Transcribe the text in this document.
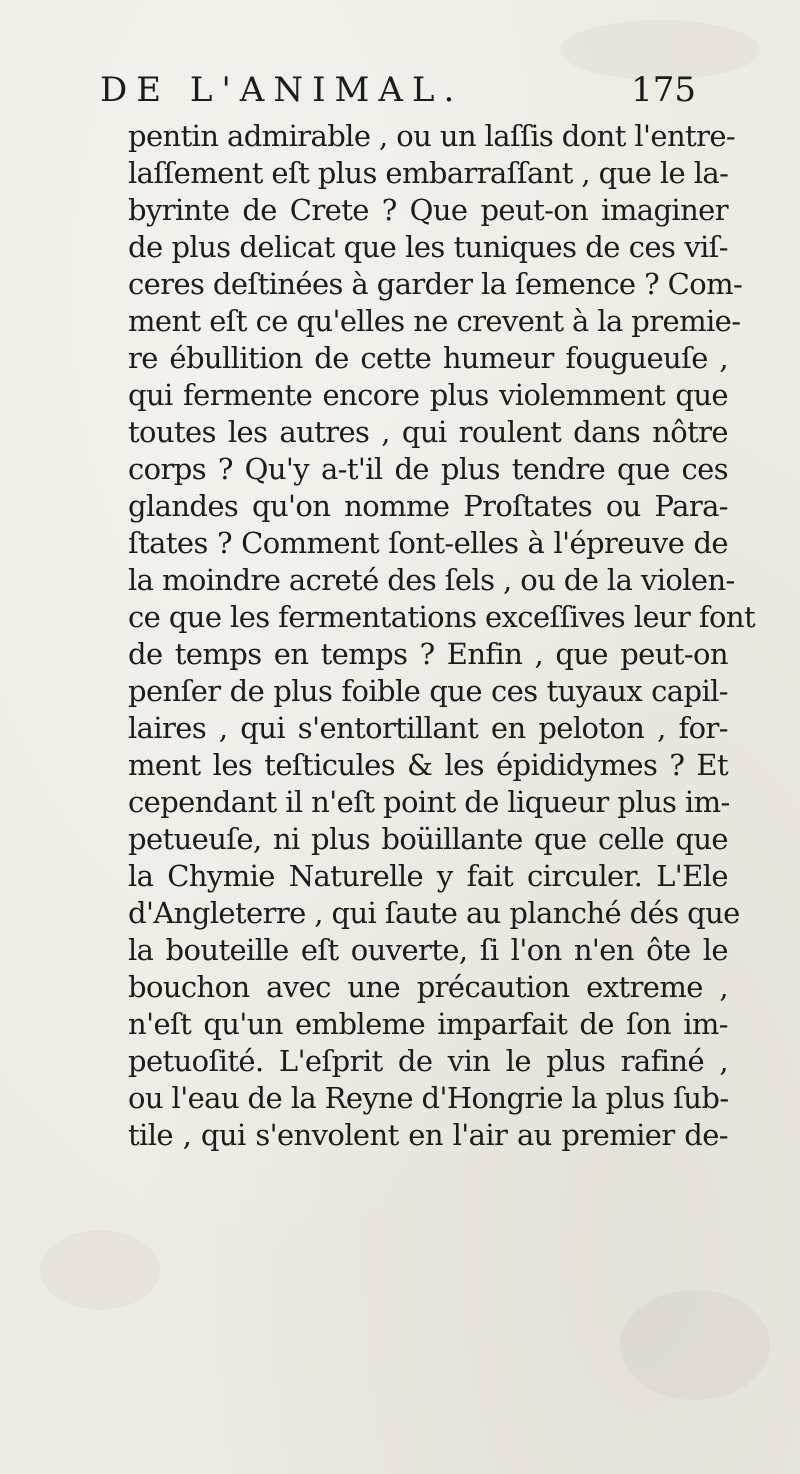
DE L'ANIMAL.	175
pentin admirable , ou un laſſis dont l'entre-
laſſement eſt plus embarraſſant , que le la-
byrinte de Crete ? Que peut-on imaginer
de plus delicat que les tuniques de ces viſ-
ceres deſtinées à garder la ſemence ? Com-
ment eſt ce qu'elles ne crevent à la premie-
re ébullition de cette humeur fougueuſe ,
qui fermente encore plus violemment que
toutes les autres , qui roulent dans nôtre
corps ? Qu'y a-t'il de plus tendre que ces
glandes qu'on nomme Proſtates ou Para-
ſtates ? Comment ſont-elles à l'épreuve de
la moindre acreté des ſels , ou de la violen-
ce que les fermentations exceſſives leur font
de temps en temps ? Enfin , que peut-on
penſer de plus foible que ces tuyaux capil-
laires , qui s'entortillant en peloton , for-
ment les teſticules & les épididymes ? Et
cependant il n'eſt point de liqueur plus im-
petueuſe, ni plus boüillante que celle que
la Chymie Naturelle y fait circuler. L'Ele
d'Angleterre , qui ſaute au planché dés que
la bouteille eſt ouverte, ſi l'on n'en ôte le
bouchon avec une précaution extreme ,
n'eſt qu'un embleme imparfait de ſon im-
petuoſité. L'eſprit de vin le plus rafiné ,
ou l'eau de la Reyne d'Hongrie la plus ſub-
tile , qui s'envolent en l'air au premier de-
